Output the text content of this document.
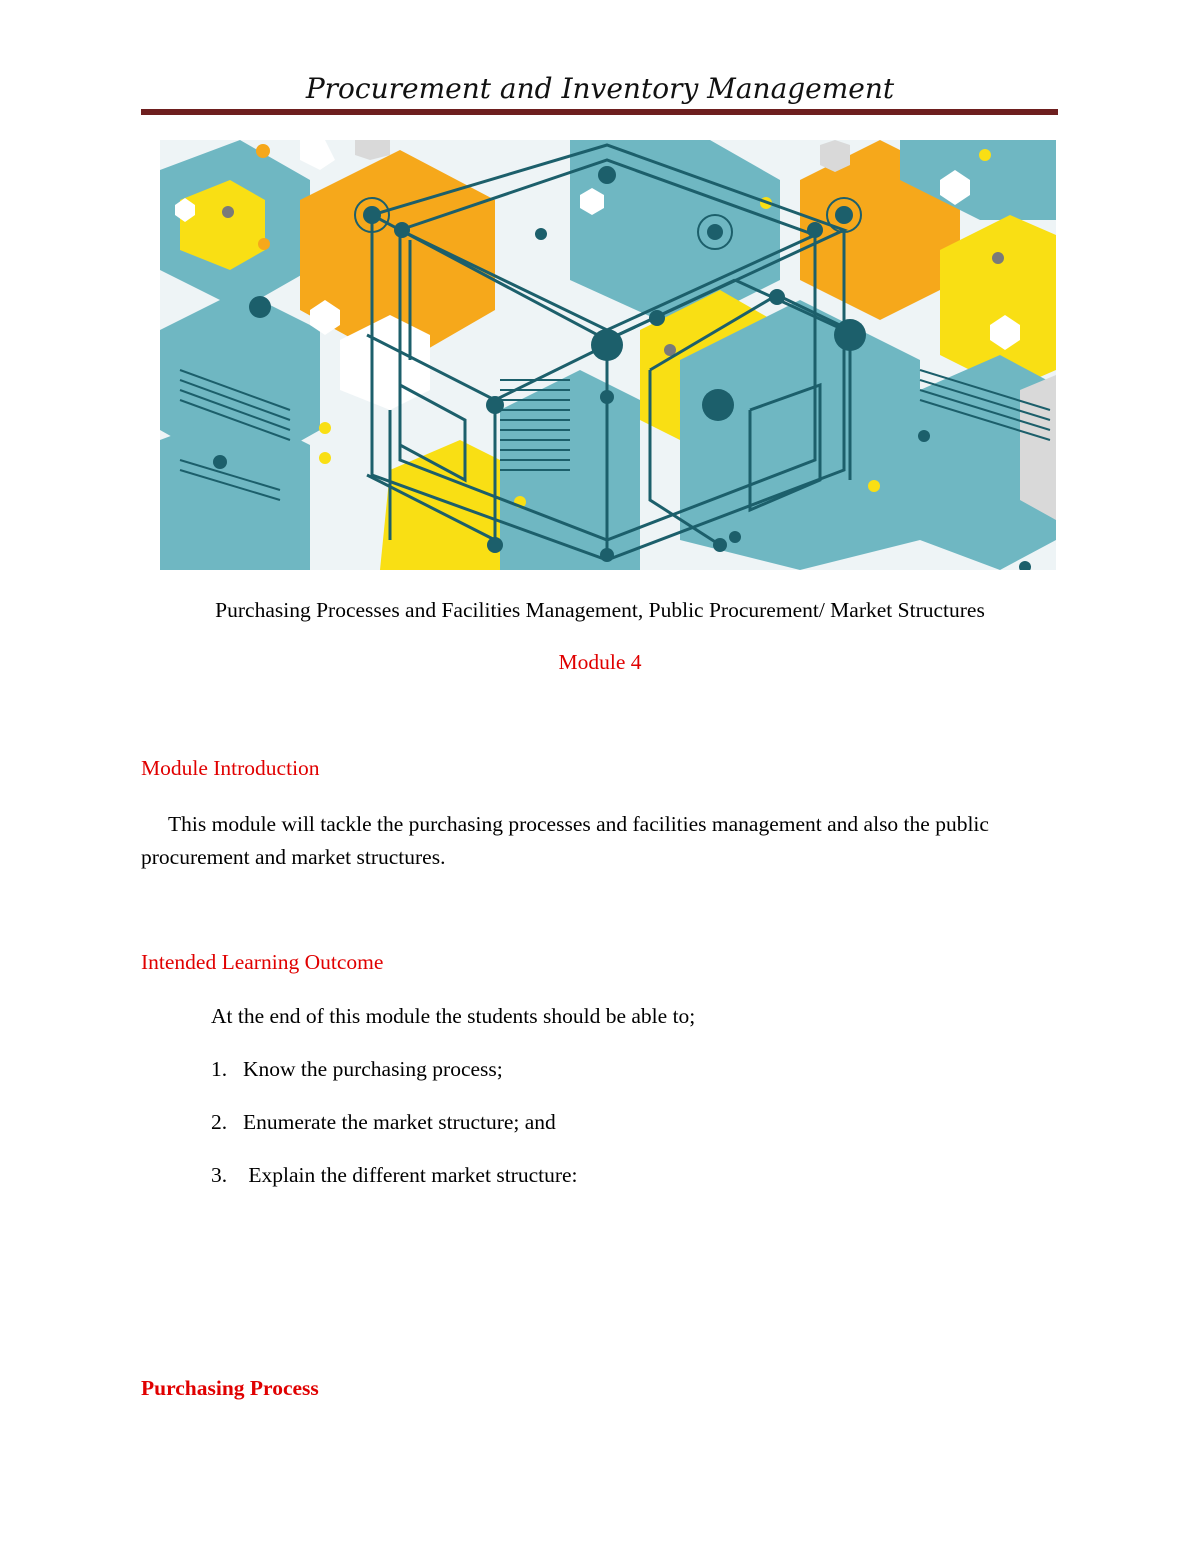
Procurement and Inventory Management
Purchasing Processes and Facilities Management, Public Procurement/ Market Structures
Module 4
Module Introduction
This module will tackle the purchasing processes and facilities management and also the public procurement and market structures.
Intended Learning Outcome
At the end of this module the students should be able to;
1. Know the purchasing process;
2. Enumerate the market structure; and
3. Explain the different market structure:
Purchasing Process
